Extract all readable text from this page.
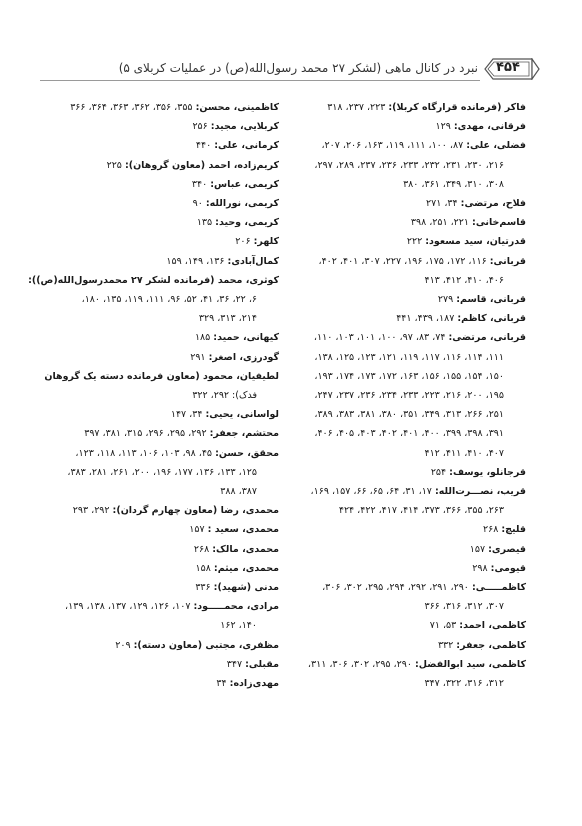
نبرد در کانال ماهی (لشکر ۲۷ محمد رسول‌الله(ص) در عملیات کربلای ۵)	۴۵۴
فاکر (فرمانده قرارگاه کربلا): ۲۲۳، ۲۳۷، ۳۱۸
فرقانی، مهدی: ۱۲۹
فضلی، علی: ۸۷، ۱۰۰، ۱۱۱، ۱۱۹، ۱۶۳، ۲۰۶، ۲۰۷،
۲۱۶، ۲۳۰، ۲۳۱، ۲۳۲، ۲۳۳، ۲۳۶، ۲۳۷، ۲۸۹، ۲۹۷،
۳۰۸، ۳۱۰، ۳۴۹، ۳۶۱، ۳۸۰
فلاح، مرتضی: ۳۴، ۲۷۱
قاسم‌خانی: ۲۲۱، ۲۵۱، ۳۹۸
قدرتیان، سید مسعود: ۲۲۲
قربانی: ۱۱۶، ۱۷۲، ۱۷۵، ۱۹۶، ۲۲۷، ۳۰۷، ۴۰۱، ۴۰۲،
۴۰۶، ۴۱۰، ۴۱۲، ۴۱۳
قربانی، قاسم: ۲۷۹
قربانی، کاظم: ۱۸۷، ۴۳۹، ۴۴۱
قربانی، مرتضی: ۷۴، ۸۳، ۹۷، ۱۰۰، ۱۰۱، ۱۰۳، ۱۱۰،
۱۱۱، ۱۱۴، ۱۱۶، ۱۱۷، ۱۱۹، ۱۲۱، ۱۲۳، ۱۲۵، ۱۳۸،
۱۵۰، ۱۵۴، ۱۵۵، ۱۵۶، ۱۶۳، ۱۷۲، ۱۷۳، ۱۷۴، ۱۹۳،
۱۹۵، ۲۰۰، ۲۱۶، ۲۲۳، ۲۳۳، ۲۳۴، ۲۳۶، ۲۳۷، ۲۴۷،
۲۵۱، ۲۶۶، ۳۱۳، ۳۴۹، ۳۵۱، ۳۸۰، ۳۸۱، ۳۸۳، ۳۸۹،
۳۹۱، ۳۹۸، ۳۹۹، ۴۰۰، ۴۰۱، ۴۰۲، ۴۰۳، ۴۰۵، ۴۰۶،
۴۰۷، ۴۱۰، ۴۱۱، ۴۱۲
قرجانلو، یوسف: ۲۵۴
قریب، نصـــرت‌الله: ۱۷، ۳۱، ۶۴، ۶۵، ۶۶، ۱۵۷، ۱۶۹،
۲۶۳، ۳۵۵، ۳۶۶، ۳۷۳، ۴۱۴، ۴۱۷، ۴۲۲، ۴۲۴
قلیچ: ۲۶۸
قیصری: ۱۵۷
قیومی: ۲۹۸
کاظمـــــی: ۲۹۰، ۲۹۱، ۲۹۲، ۲۹۴، ۲۹۵، ۳۰۲، ۳۰۶،
۳۰۷، ۳۱۲، ۳۱۶، ۳۶۶
کاظمی، احمد: ۵۳، ۷۱
کاظمی، جعفر: ۳۳۲
کاظمی، سید ابوالفضل: ۲۹۰، ۲۹۵، ۳۰۲، ۳۰۶، ۳۱۱،
۳۱۲، ۳۱۶، ۳۲۲، ۳۴۷
کاظمینی، محسن: ۳۵۵، ۳۵۶، ۳۶۲، ۳۶۳، ۳۶۴، ۳۶۶
کربلایی، مجید: ۲۵۶
کرمانی، علی: ۴۴۰
کریم‌زاده، احمد (معاون گروهان): ۲۲۵
کریمی، عباس: ۳۴۰
کریمی، نورالله: ۹۰
کریمی، وحید: ۱۳۵
کلهر: ۲۰۶
کمال‌آبادی: ۱۳۶، ۱۴۹، ۱۵۹
کوثری، محمد (فرمانده لشکر ۲۷ محمدرسول‌الله(ص)):
۶، ۲۲، ۳۶، ۴۱، ۵۲، ۹۶، ۱۱۱، ۱۱۹، ۱۳۵، ۱۸۰،
۲۱۴، ۳۱۳، ۳۲۹
کیهانی، حمید: ۱۸۵
گودرزی، اصغر: ۲۹۱
لطیفیان، محمود (معاون فرمانده دسته یک گروهان
فدک): ۲۹۲، ۳۲۲
لواسانی، یحیی: ۳۴، ۱۴۷
محتشم، جعفر: ۲۹۲، ۲۹۵، ۲۹۶، ۳۱۵، ۳۸۱، ۳۹۷
محقق، حسن: ۴۵، ۹۸، ۱۰۳، ۱۰۶، ۱۱۳، ۱۱۸، ۱۲۳،
۱۲۵، ۱۳۳، ۱۳۶، ۱۷۷، ۱۹۶، ۲۰۰، ۲۶۱، ۲۸۱، ۳۸۳،
۳۸۷، ۳۸۸
محمدی، رضا (معاون چهارم گردان): ۲۹۲، ۲۹۳
محمدی، سعید : ۱۵۷
محمدی، مالک: ۲۶۸
محمدی، میثم: ۱۵۸
مدنی (شهید): ۳۳۶
مرادی، محمـــــود: ۱۰۷، ۱۲۶، ۱۲۹، ۱۳۷، ۱۳۸، ۱۳۹،
۱۴۰، ۱۶۲
مظفری، مجتبی (معاون دسته): ۲۰۹
مقبلی: ۳۴۷
مهدی‌زاده: ۳۴
